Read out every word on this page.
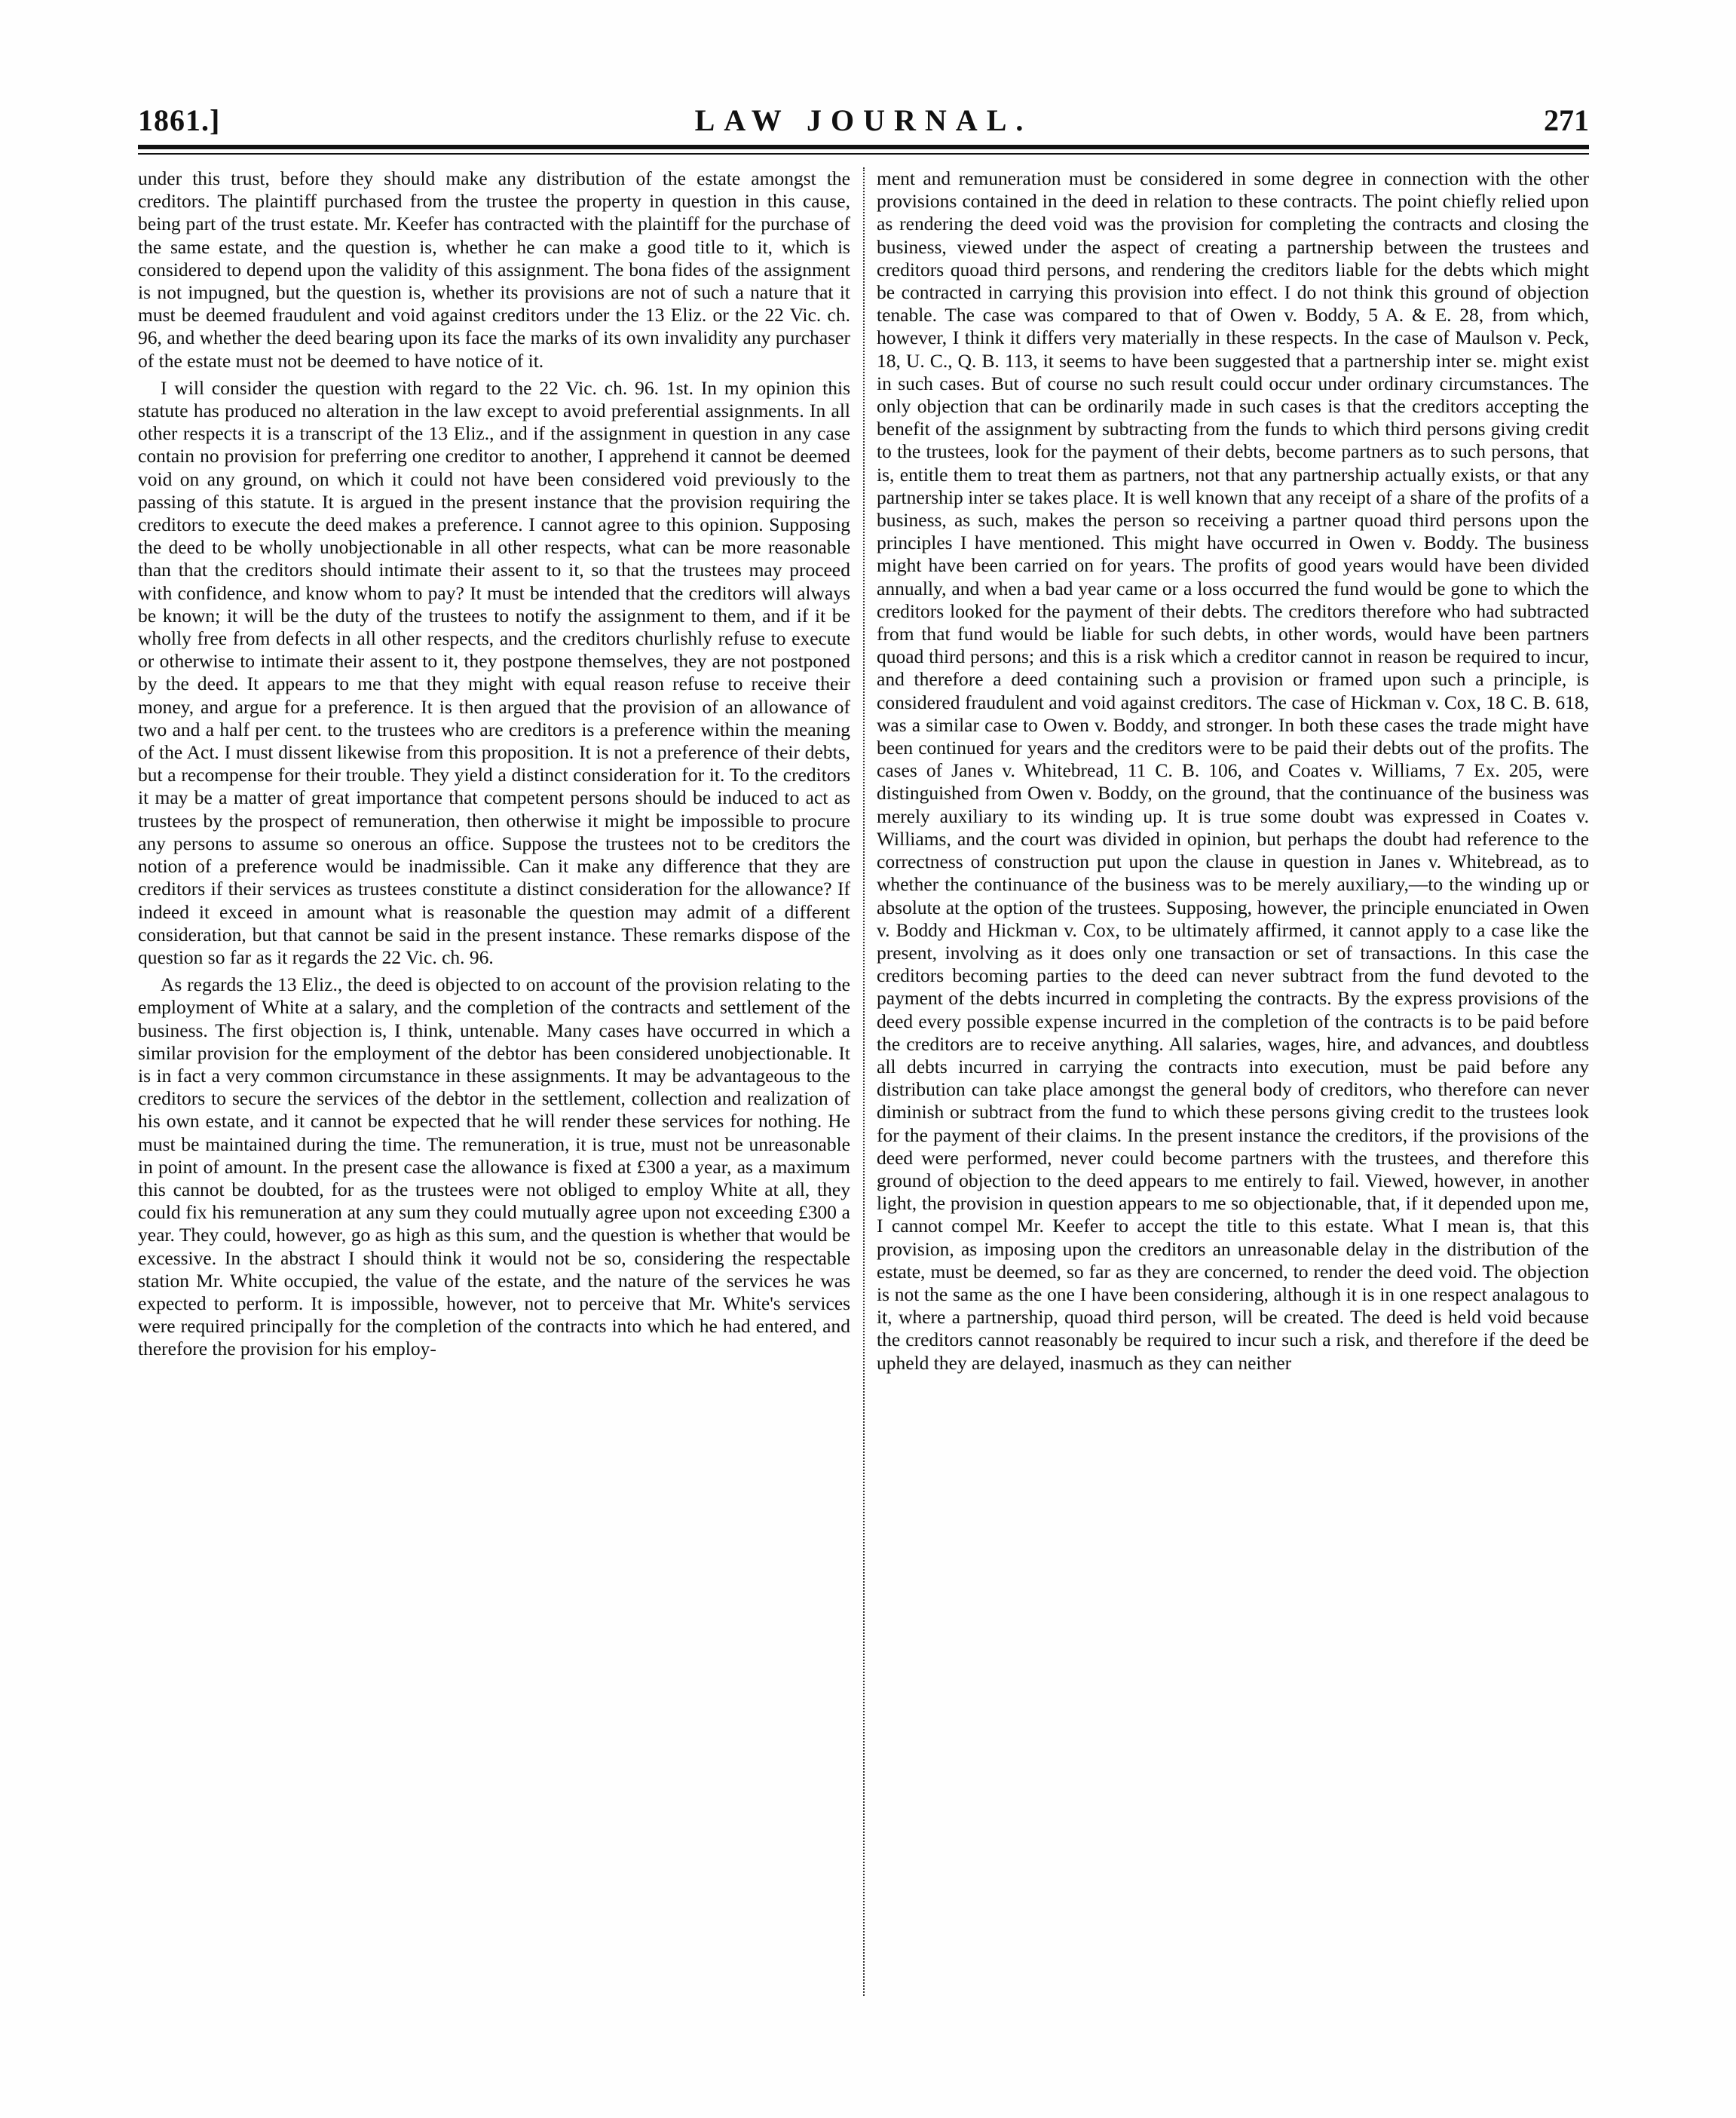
1861.]	LAW JOURNAL.	271

under this trust, before they should make any distribution of the estate amongst the creditors. The plaintiff purchased from the trustee the property in question in this cause, being part of the trust estate. Mr. Keefer has contracted with the plaintiff for the purchase of the same estate, and the question is, whether he can make a good title to it, which is considered to depend upon the validity of this assignment. The bona fides of the assignment is not impugned, but the question is, whether its provisions are not of such a nature that it must be deemed fraudulent and void against creditors under the 13 Eliz. or the 22 Vic. ch. 96, and whether the deed bearing upon its face the marks of its own invalidity any purchaser of the estate must not be deemed to have notice of it.

I will consider the question with regard to the 22 Vic. ch. 96. 1st. In my opinion this statute has produced no alteration in the law except to avoid preferential assignments. In all other respects it is a transcript of the 13 Eliz., and if the assignment in question in any case contain no provision for preferring one creditor to another, I apprehend it cannot be deemed void on any ground, on which it could not have been considered void previously to the passing of this statute. It is argued in the present instance that the provision requiring the creditors to execute the deed makes a preference. I cannot agree to this opinion. Supposing the deed to be wholly unobjectionable in all other respects, what can be more reasonable than that the creditors should intimate their assent to it, so that the trustees may proceed with confidence, and know whom to pay? It must be intended that the creditors will always be known; it will be the duty of the trustees to notify the assignment to them, and if it be wholly free from defects in all other respects, and the creditors churlishly refuse to execute or otherwise to intimate their assent to it, they postpone themselves, they are not postponed by the deed. It appears to me that they might with equal reason refuse to receive their money, and argue for a preference. It is then argued that the provision of an allowance of two and a half per cent. to the trustees who are creditors is a preference within the meaning of the Act. I must dissent likewise from this proposition. It is not a preference of their debts, but a recompense for their trouble. They yield a distinct consideration for it. To the creditors it may be a matter of great importance that competent persons should be induced to act as trustees by the prospect of remuneration, then otherwise it might be impossible to procure any persons to assume so onerous an office. Suppose the trustees not to be creditors the notion of a preference would be inadmissible. Can it make any difference that they are creditors if their services as trustees constitute a distinct consideration for the allowance? If indeed it exceed in amount what is reasonable the question may admit of a different consideration, but that cannot be said in the present instance. These remarks dispose of the question so far as it regards the 22 Vic. ch. 96.

As regards the 13 Eliz., the deed is objected to on account of the provision relating to the employment of White at a salary, and the completion of the contracts and settlement of the business. The first objection is, I think, untenable. Many cases have occurred in which a similar provision for the employment of the debtor has been considered unobjectionable. It is in fact a very common circumstance in these assignments. It may be advantageous to the creditors to secure the services of the debtor in the settlement, collection and realization of his own estate, and it cannot be expected that he will render these services for nothing. He must be maintained during the time. The remuneration, it is true, must not be unreasonable in point of amount. In the present case the allowance is fixed at £300 a year, as a maximum this cannot be doubted, for as the trustees were not obliged to employ White at all, they could fix his remuneration at any sum they could mutually agree upon not exceeding £300 a year. They could, however, go as high as this sum, and the question is whether that would be excessive. In the abstract I should think it would not be so, considering the respectable station Mr. White occupied, the value of the estate, and the nature of the services he was expected to perform. It is impossible, however, not to perceive that Mr. White's services were required principally for the completion of the contracts into which he had entered, and therefore the provision for his employ-

ment and remuneration must be considered in some degree in connection with the other provisions contained in the deed in relation to these contracts. The point chiefly relied upon as rendering the deed void was the provision for completing the contracts and closing the business, viewed under the aspect of creating a partnership between the trustees and creditors quoad third persons, and rendering the creditors liable for the debts which might be contracted in carrying this provision into effect. I do not think this ground of objection tenable. The case was compared to that of Owen v. Boddy, 5 A. & E. 28, from which, however, I think it differs very materially in these respects. In the case of Maulson v. Peck, 18, U. C., Q. B. 113, it seems to have been suggested that a partnership inter se. might exist in such cases. But of course no such result could occur under ordinary circumstances. The only objection that can be ordinarily made in such cases is that the creditors accepting the benefit of the assignment by subtracting from the funds to which third persons giving credit to the trustees, look for the payment of their debts, become partners as to such persons, that is, entitle them to treat them as partners, not that any partnership actually exists, or that any partnership inter se takes place. It is well known that any receipt of a share of the profits of a business, as such, makes the person so receiving a partner quoad third persons upon the principles I have mentioned. This might have occurred in Owen v. Boddy. The business might have been carried on for years. The profits of good years would have been divided annually, and when a bad year came or a loss occurred the fund would be gone to which the creditors looked for the payment of their debts. The creditors therefore who had subtracted from that fund would be liable for such debts, in other words, would have been partners quoad third persons; and this is a risk which a creditor cannot in reason be required to incur, and therefore a deed containing such a provision or framed upon such a principle, is considered fraudulent and void against creditors. The case of Hickman v. Cox, 18 C. B. 618, was a similar case to Owen v. Boddy, and stronger. In both these cases the trade might have been continued for years and the creditors were to be paid their debts out of the profits. The cases of Janes v. Whitebread, 11 C. B. 106, and Coates v. Williams, 7 Ex. 205, were distinguished from Owen v. Boddy, on the ground, that the continuance of the business was merely auxiliary to its winding up. It is true some doubt was expressed in Coates v. Williams, and the court was divided in opinion, but perhaps the doubt had reference to the correctness of construction put upon the clause in question in Janes v. Whitebread, as to whether the continuance of the business was to be merely auxiliary,—to the winding up or absolute at the option of the trustees. Supposing, however, the principle enunciated in Owen v. Boddy and Hickman v. Cox, to be ultimately affirmed, it cannot apply to a case like the present, involving as it does only one transaction or set of transactions. In this case the creditors becoming parties to the deed can never subtract from the fund devoted to the payment of the debts incurred in completing the contracts. By the express provisions of the deed every possible expense incurred in the completion of the contracts is to be paid before the creditors are to receive anything. All salaries, wages, hire, and advances, and doubtless all debts incurred in carrying the contracts into execution, must be paid before any distribution can take place amongst the general body of creditors, who therefore can never diminish or subtract from the fund to which these persons giving credit to the trustees look for the payment of their claims. In the present instance the creditors, if the provisions of the deed were performed, never could become partners with the trustees, and therefore this ground of objection to the deed appears to me entirely to fail. Viewed, however, in another light, the provision in question appears to me so objectionable, that, if it depended upon me, I cannot compel Mr. Keefer to accept the title to this estate. What I mean is, that this provision, as imposing upon the creditors an unreasonable delay in the distribution of the estate, must be deemed, so far as they are concerned, to render the deed void. The objection is not the same as the one I have been considering, although it is in one respect analagous to it, where a partnership, quoad third person, will be created. The deed is held void because the creditors cannot reasonably be required to incur such a risk, and therefore if the deed be upheld they are delayed, inasmuch as they can neither
